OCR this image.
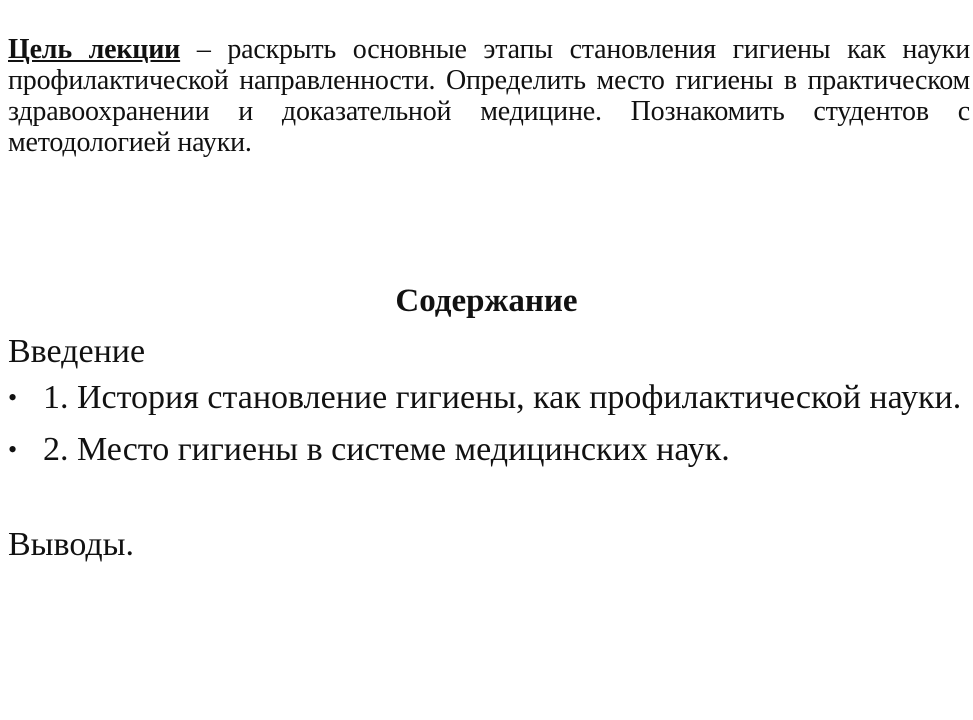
Цель лекции – раскрыть основные этапы становления гигиены как науки профилактической направленности. Определить место гигиены в практическом здравоохранении и доказательной медицине. Познакомить студентов с методологией науки.

Содержание

Введение

• 1. История становление гигиены, как профилактической науки.
• 2. Место гигиены в системе медицинских наук.

Выводы.
